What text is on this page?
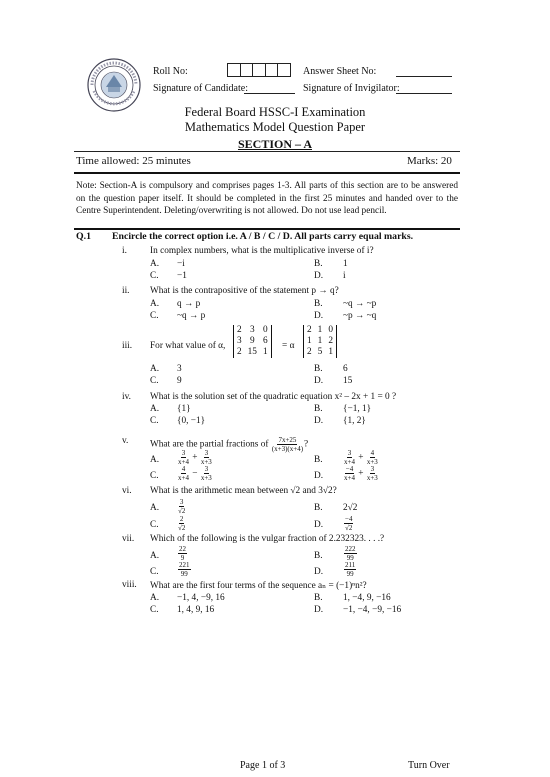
Roll No:	Answer Sheet No:
Signature of Candidate:	Signature of Invigilator:
Federal Board HSSC-I Examination
Mathematics Model Question Paper
SECTION – A
Time allowed: 25 minutes	Marks: 20
Note: Section-A is compulsory and comprises pages 1-3. All parts of this section are to be answered on the question paper itself. It should be completed in the first 25 minutes and handed over to the Centre Superintendent. Deleting/overwriting is not allowed. Do not use lead pencil.
Q.1 Encircle the correct option i.e. A / B / C / D. All parts carry equal marks.
i. In complex numbers, what is the multiplicative inverse of i?
A. −i	B. 1
C. −1	D. i
ii. What is the contrapositive of the statement p → q?
A. q → p	B. ~q → ~p
C. ~q → p	D. ~p → ~q
iii. For what value of α,
2	3	0
3	9	6
2	15	1
= α
2	1	0
1	1	2
2	5	1
A. 3	B. 6
C. 9	D. 15
iv. What is the solution set of the quadratic equation x² – 2x + 1 = 0 ?
A. {1}	B. {−1, 1}
C. {0, −1}	D. {1, 2}
v. What are the partial fractions of $\frac{7x+25}{(x+3)(x+4)}$ ?
A.	$\frac{3}{x+4} + \frac{3}{x+3}$	B.	$\frac{3}{x+4} + \frac{4}{x+3}$
C.	$\frac{4}{x+4} - \frac{3}{x+3}$	D.	$\frac{-4}{x+4} + \frac{3}{x+3}$
vi. What is the arithmetic mean between √2 and 3√2?
A.	$\frac{3}{√2}$	B. 2√2
C.	$\frac{2}{√2}$	D.	$\frac{-4}{√2}$
vii. Which of the following is the vulgar fraction of 2.232323. . . .?
A.	$\frac{22}{9}$	B.	$\frac{222}{99}$
C.	$\frac{221}{99}$	D.	$\frac{211}{99}$
viii. What are the first four terms of the sequence aₙ = (−1)ⁿn²?
A. −1, 4, −9, 16	B. 1, −4, 9, −16
C. 1, 4, 9, 16	D. −1, −4, −9, −16
Page 1 of 3	Turn Over
